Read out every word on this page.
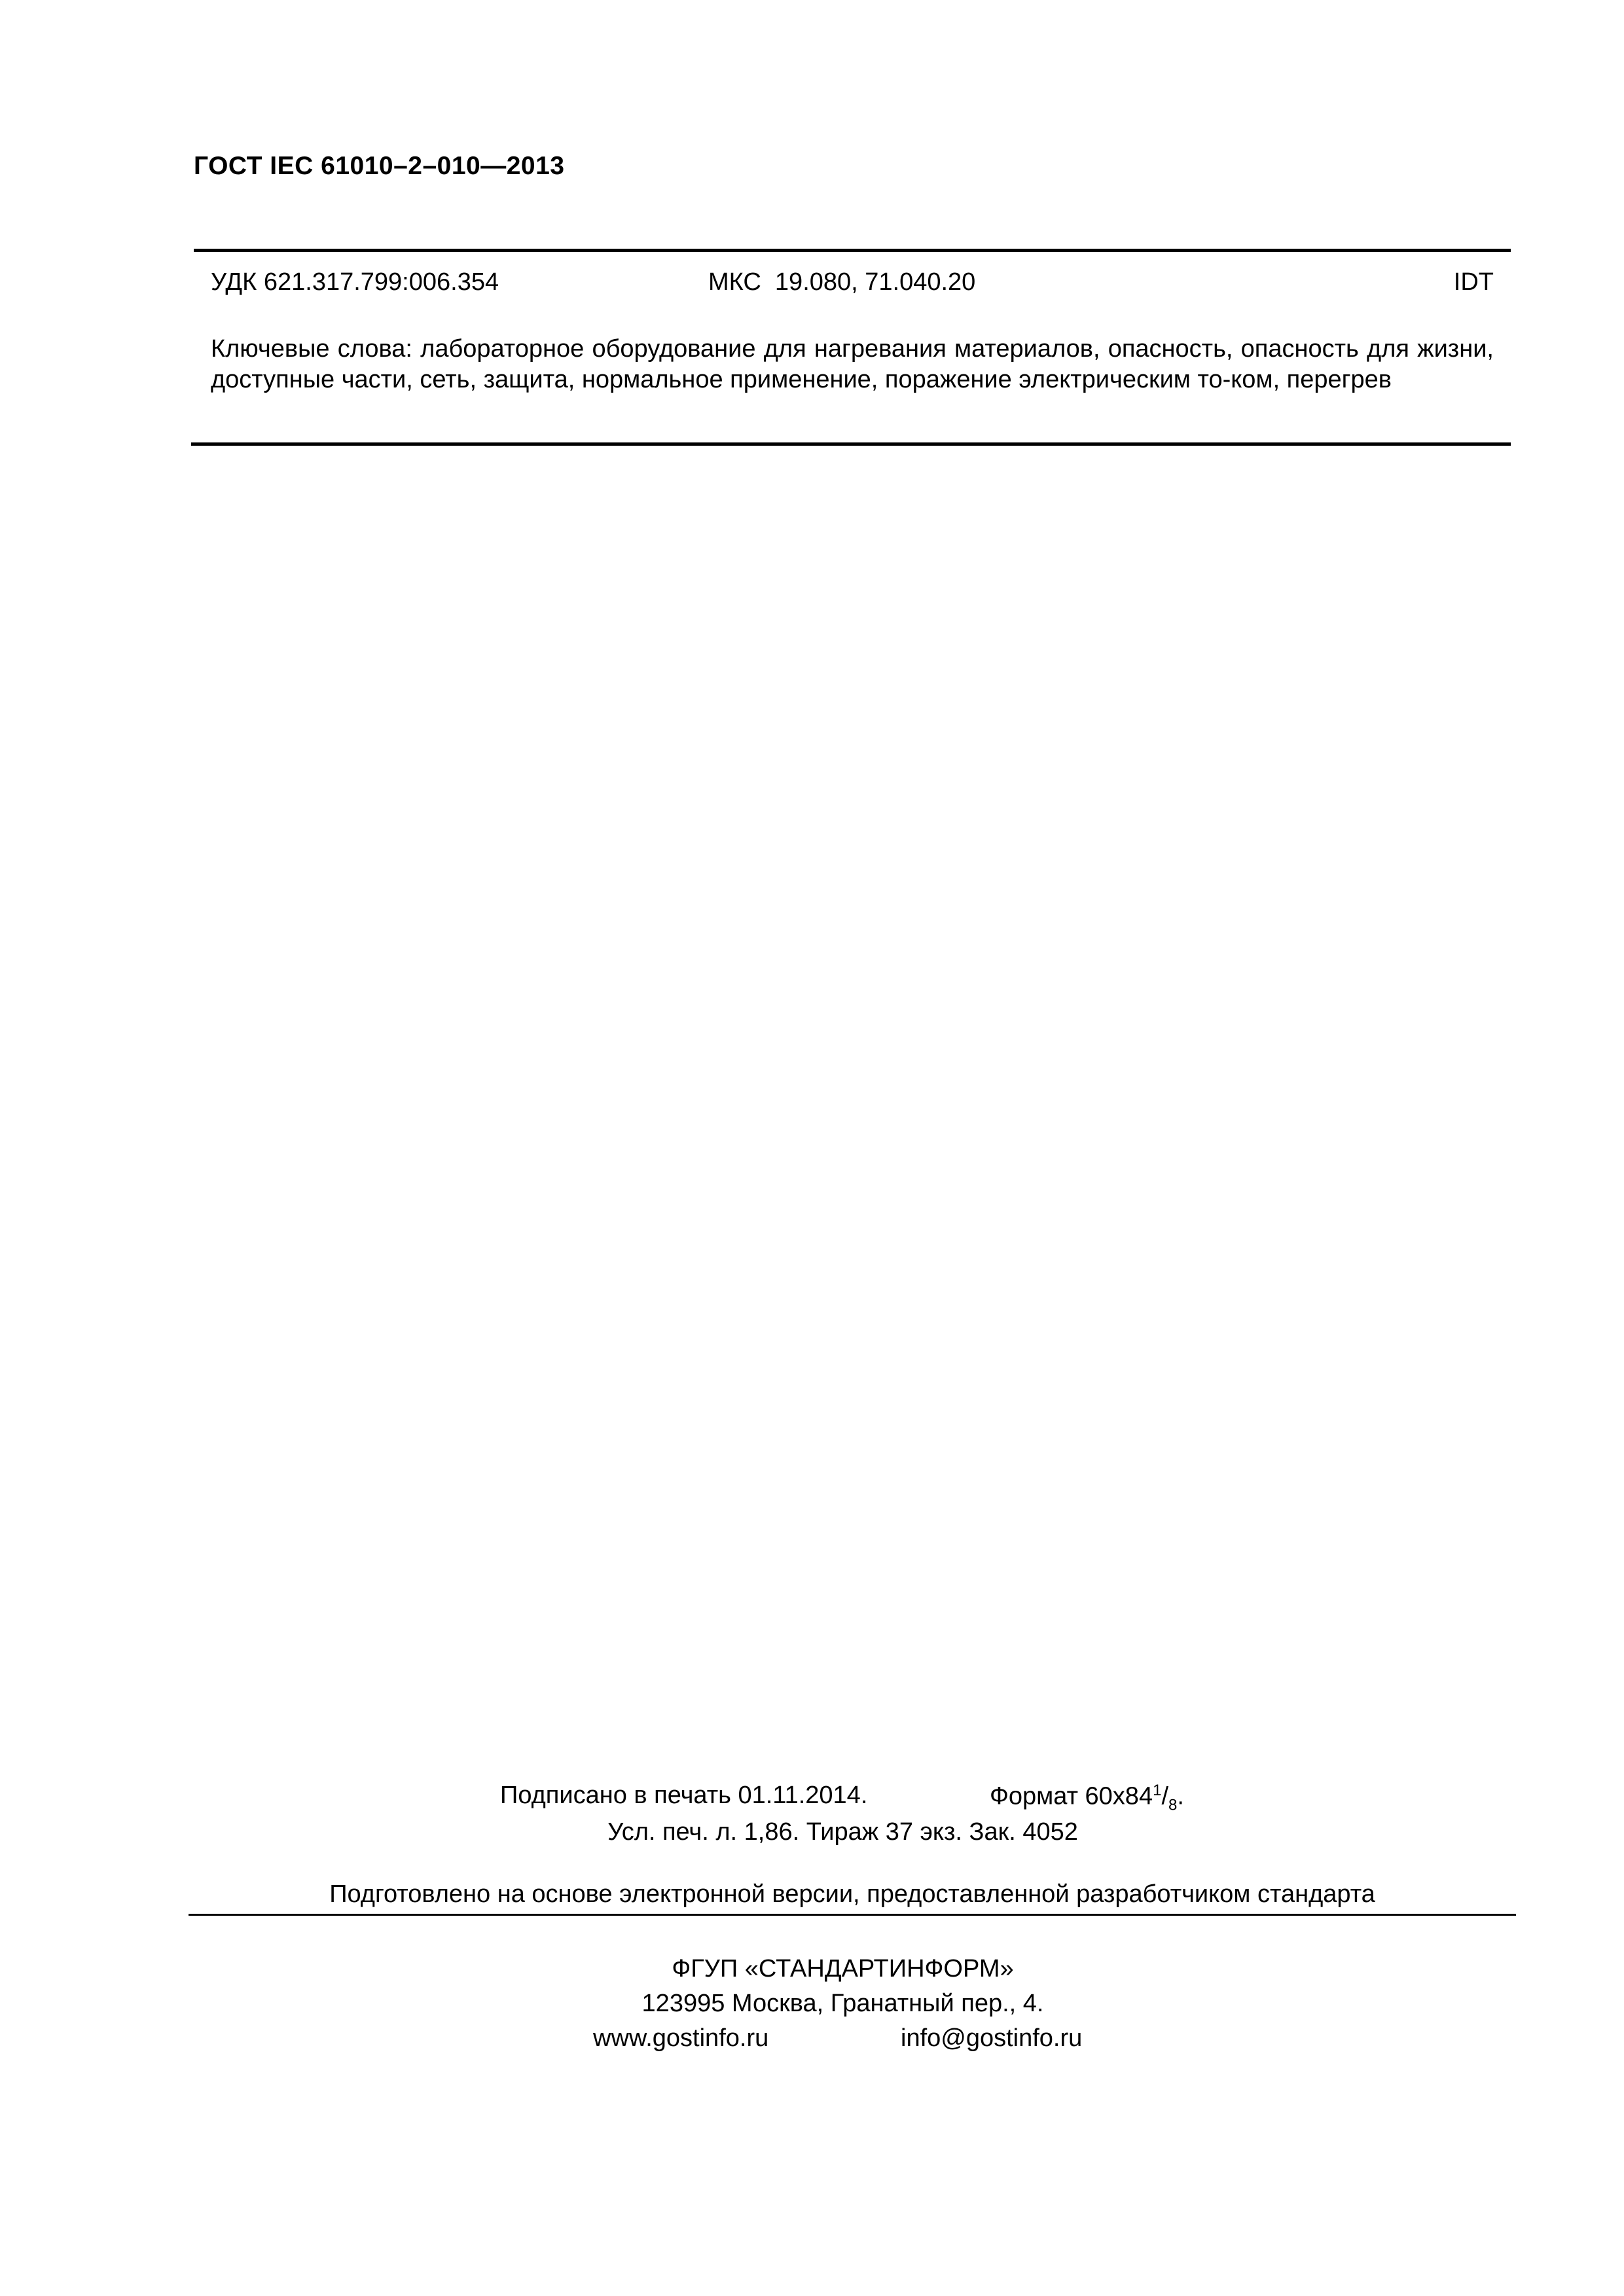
ГОСТ IEC 61010–2–010—2013
УДК 621.317.799:006.354	МКС  19.080, 71.040.20	IDT
Ключевые слова: лабораторное оборудование для нагревания материалов, опасность, опасность для жизни, доступные части, сеть, защита, нормальное применение, поражение электрическим то-ком, перегрев
Подписано в печать 01.11.2014.	Формат $60х84^1/_8$.
Усл. печ. л. 1,86. Тираж 37 экз. Зак. 4052
Подготовлено на основе электронной версии, предоставленной разработчиком стандарта
ФГУП «СТАНДАРТИНФОРМ»
123995 Москва, Гранатный пер., 4.
www.gostinfo.ru	info@gostinfo.ru
